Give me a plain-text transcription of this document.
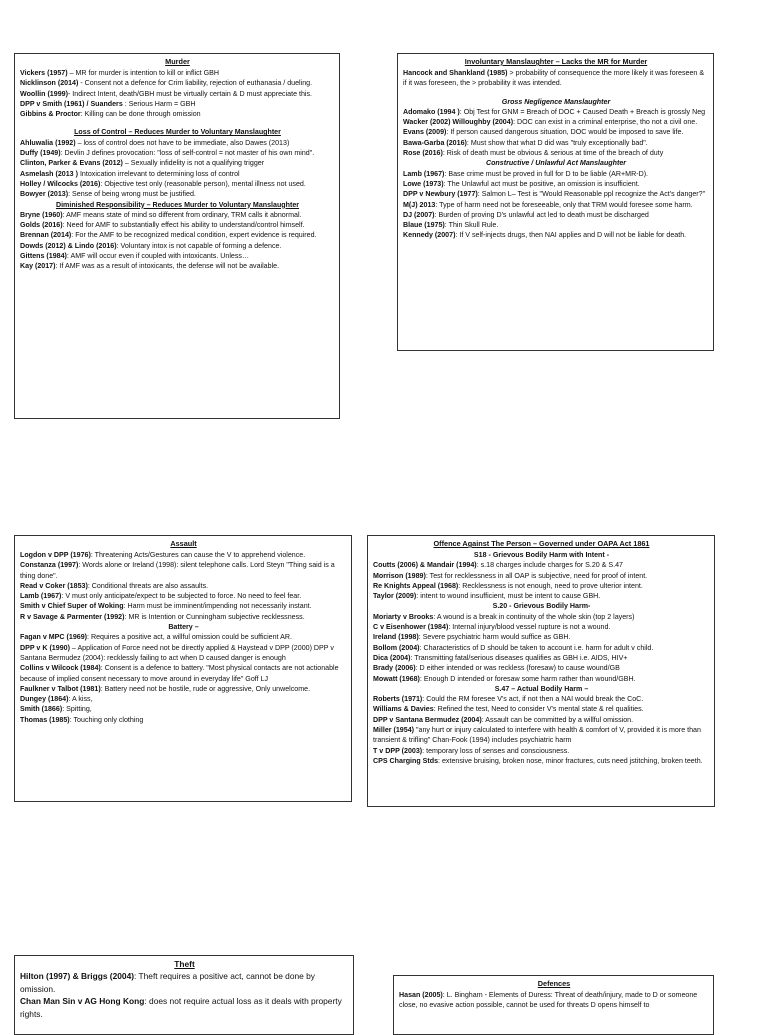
Murder

Vickers (1957) – MR for murder is intention to kill or inflict GBH

Nicklinson (2014) - Consent not a defence for Crim liability, rejection of euthanasia / dueling.

Woollin (1999)- Indirect Intent, death/GBH must be virtually certain & D must appreciate this.

DPP v Smith (1961) / Suanders : Serious Harm = GBH

Gibbins & Proctor: Killing can be done through omission

Loss of Control – Reduces Murder to Voluntary Manslaughter

Ahluwalia (1992) – loss of control does not have to be immediate, also Dawes (2013)

Duffy (1949): Devlin J defines provocation: "loss of self-control = not master of his own mind".

Clinton, Parker & Evans (2012) – Sexually infidelity is not a qualifying trigger

Asmelash (2013 ) Intoxication irrelevant to determining loss of control

Holley / Wilcocks (2016): Objective test only (reasonable person), mental illness not used.

Bowyer (2013): Sense of being wrong must be justified.

Diminished Responsibility – Reduces Murder to Voluntary Manslaughter

Bryne (1960): AMF means state of mind so different from ordinary, TRM calls it abnormal.

Golds (2016): Need for AMF to substantially effect his ability to understand/control himself.

Brennan (2014): For the AMF to be recognized medical condition, expert evidence is required.

Dowds (2012) & Lindo (2016): Voluntary intox is not capable of forming a defence.

Gittens (1984): AMF will occur even if coupled with intoxicants. Unless…

Kay (2017): If AMF was as a result of intoxicants, the defense will not be available.

Involuntary Manslaughter – Lacks the MR for Murder

Hancock and Shankland (1985) > probability of consequence the more likely it was foreseen & if it was foreseen, the > probability it was intended.

Gross Negligence Manslaughter

Adomako (1994 ): Obj Test for GNM = Breach of DOC + Caused Death + Breach is grossly Neg

Wacker (2002) Willoughby (2004): DOC can exist in a criminal enterprise, tho not a civil one.

Evans (2009): If person caused dangerous situation, DOC would be imposed to save life.

Bawa-Garba (2016): Must show that what D did was "truly exceptionally bad".

Rose (2016): Risk of death must be obvious & serious at time of the breach of duty

Constructive / Unlawful Act Manslaughter

Lamb (1967): Base crime must be proved in full for D to be liable (AR+MR-D).

Lowe (1973): The Unlawful act must be positive, an omission is insufficient.

DPP v Newbury (1977): Salmon L– Test is "Would Reasonable ppl recognize the Act's danger?"

M(J) 2013: Type of harm need not be foreseeable, only that TRM would foresee some harm.

DJ (2007): Burden of proving D's unlawful act led to death must be discharged

Blaue (1975): Thin Skull Rule.

Kennedy (2007): If V self-injects drugs, then NAI applies and D will not be liable for death.

Assault

Logdon v DPP (1976): Threatening Acts/Gestures can cause the V to apprehend violence.

Constanza (1997): Words alone or Ireland (1998): silent telephone calls. Lord Steyn "Thing said is a thing done".

Read v Coker (1853): Conditional threats are also assaults.

Lamb (1967): V must only anticipate/expect to be subjected to force. No need to feel fear.

Smith v Chief Super of Woking: Harm must be imminent/impending not necessarily instant.

R v Savage & Parmenter (1992): MR is Intention or Cunningham subjective recklessness.

Battery –

Fagan v MPC (1969): Requires a positive act, a willful omission could be sufficient AR.

DPP v K (1990) – Application of Force need not be directly applied & Haystead v DPP (2000) DPP v Santana Bermudez (2004): recklessly failing to act when D caused danger is enough

Collins v Wilcock (1984): Consent is a defence to battery. "Most physical contacts are not actionable because of implied consent necessary to move around in everyday life" Goff LJ

Faulkner v Talbot (1981): Battery need not be hostile, rude or aggressive, Only unwelcome.

Dungey (1864): A kiss,

Smith (1866): Spitting,

Thomas (1985): Touching only clothing

Offence Against The Person – Governed under OAPA Act 1861
S18 - Grievous Bodily Harm with Intent -

Coutts (2006) & Mandair (1994): s.18 charges include charges for S.20 & S.47

Morrison (1989): Test for recklessness in all OAP is subjective, need for proof of intent.

Re Knights Appeal (1968): Recklessness is not enough, need to prove ulterior intent.

Taylor (2009): intent to wound insufficient, must be intent to cause GBH.

S.20 - Grievous Bodily Harm-

Moriarty v Brooks: A wound is a break in continuity of the whole skin (top 2 layers)

C v Eisenhower (1984): Internal injury/blood vessel rupture is not a wound.

Ireland (1998): Severe psychiatric harm would suffice as GBH.

Bollom (2004): Characteristics of D should be taken to account i.e. harm for adult v child.

Dica (2004): Transmitting fatal/serious diseases qualifies as GBH i.e. AIDS, HIV+

Brady (2006): D either intended or was reckless (foresaw) to cause wound/GB

Mowatt (1968): Enough D intended or foresaw some harm rather than wound/GBH.

S.47 – Actual Bodily Harm –

Roberts (1971): Could the RM foresee V's act, if not then a NAI would break the CoC.

Williams & Davies: Refined the test, Need to consider V's mental state & rel qualities.

DPP v Santana Bermudez (2004): Assault can be committed by a willful omission.

Miller (1954) "any hurt or injury calculated to interfere with health & comfort of V, provided it is more than transient & trifling" Chan-Fook (1994) includes psychiatric harm

T v DPP (2003): temporary loss of senses and consciousness.

CPS Charging Stds: extensive bruising, broken nose, minor fractures, cuts need jstitching, broken teeth.

Theft

Hilton (1997) & Briggs (2004): Theft requires a positive act, cannot be done by omission.

Chan Man Sin v AG Hong Kong: does not require actual loss as it deals with property rights.

Defences

Hasan (2005): L. Bingham - Elements of Duress: Threat of death/injury, made to D or someone close, no evasive action possible, cannot be used for threats D opens himself to
